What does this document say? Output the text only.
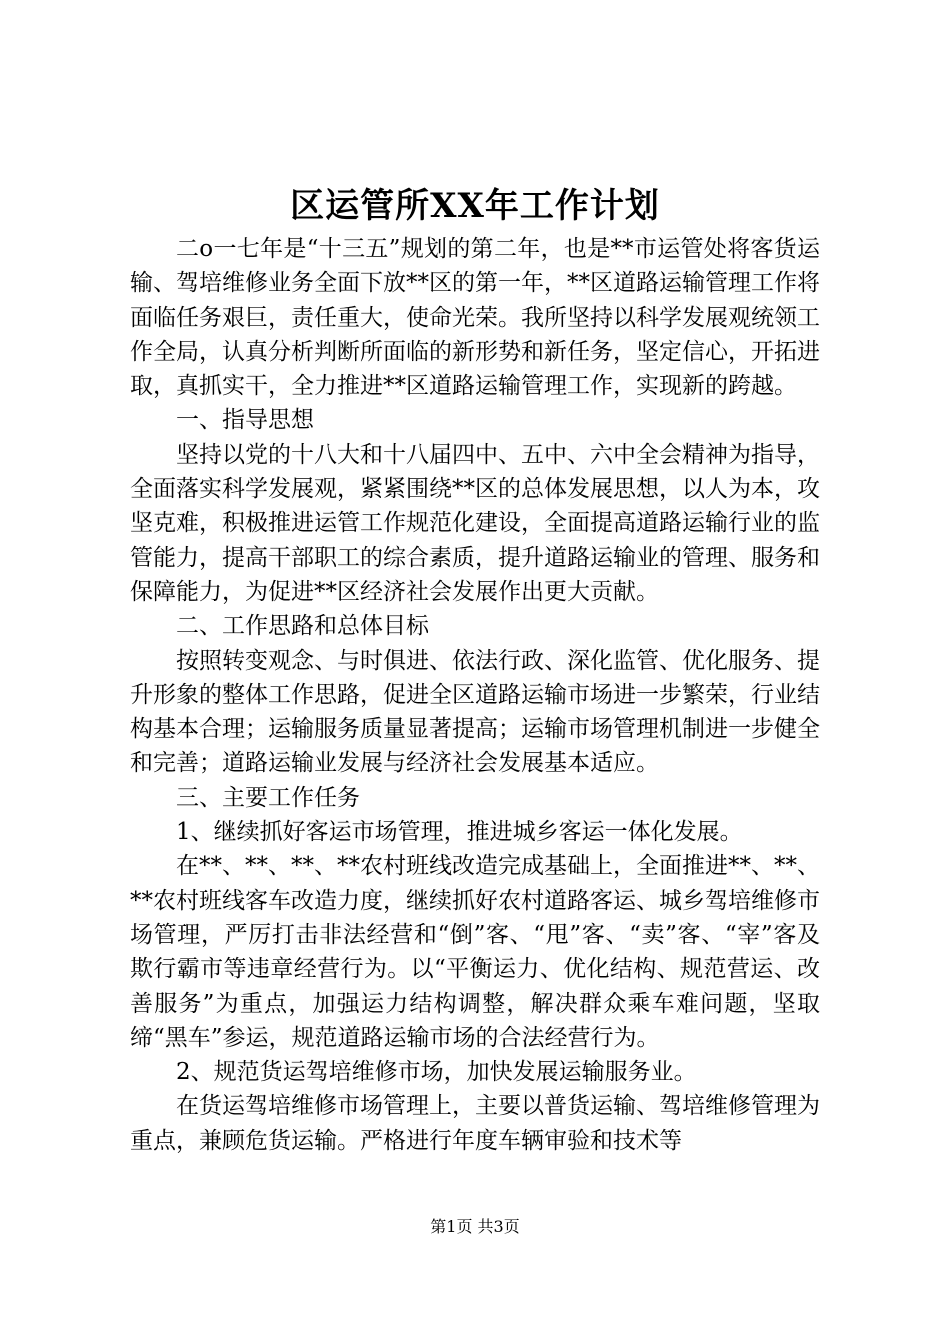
区运管所XX年工作计划

二o一七年是“十三五”规划的第二年，也是**市运管处将客货运输、驾培维修业务全面下放**区的第一年，**区道路运输管理工作将面临任务艰巨，责任重大，使命光荣。我所坚持以科学发展观统领工作全局，认真分析判断所面临的新形势和新任务，坚定信心，开拓进取，真抓实干，全力推进**区道路运输管理工作，实现新的跨越。

一、指导思想

坚持以党的十八大和十八届四中、五中、六中全会精神为指导，全面落实科学发展观，紧紧围绕**区的总体发展思想，以人为本，攻坚克难，积极推进运管工作规范化建设，全面提高道路运输行业的监管能力，提高干部职工的综合素质，提升道路运输业的管理、服务和保障能力，为促进**区经济社会发展作出更大贡献。

二、工作思路和总体目标

按照转变观念、与时俱进、依法行政、深化监管、优化服务、提升形象的整体工作思路，促进全区道路运输市场进一步繁荣，行业结构基本合理；运输服务质量显著提高；运输市场管理机制进一步健全和完善；道路运输业发展与经济社会发展基本适应。

三、主要工作任务

1、继续抓好客运市场管理，推进城乡客运一体化发展。

在**、**、**、**农村班线改造完成基础上，全面推进**、**、**农村班线客车改造力度，继续抓好农村道路客运、城乡驾培维修市场管理，严厉打击非法经营和“倒”客、“甩”客、“卖”客、“宰”客及欺行霸市等违章经营行为。以“平衡运力、优化结构、规范营运、改善服务”为重点，加强运力结构调整，解决群众乘车难问题，坚取缔“黑车”参运，规范道路运输市场的合法经营行为。

2、规范货运驾培维修市场，加快发展运输服务业。

在货运驾培维修市场管理上，主要以普货运输、驾培维修管理为重点，兼顾危货运输。严格进行年度车辆审验和技术等

第1页 共3页
